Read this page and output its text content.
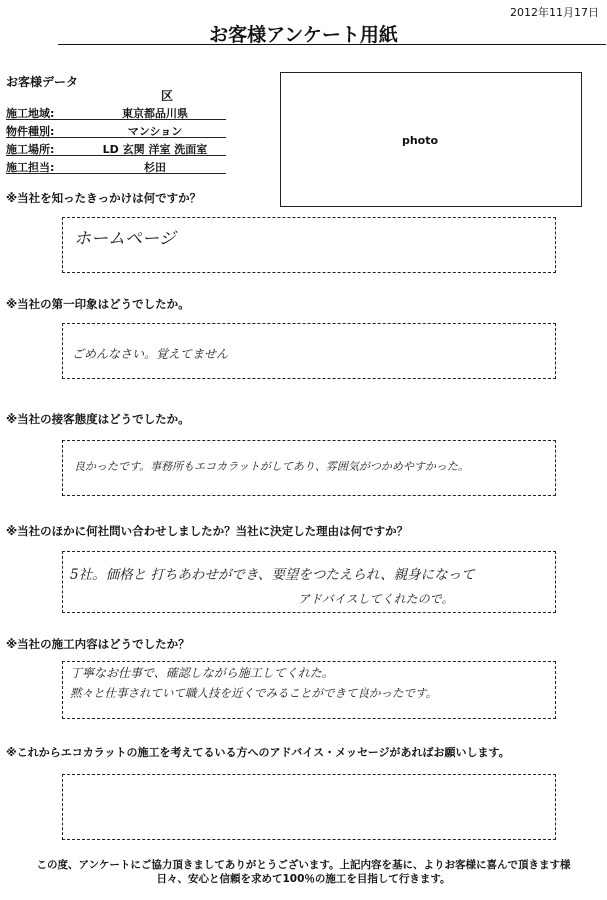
2012年11月17日
お客様アンケート用紙
お客様データ
区
施工地域:	東京都品川県
物件種別:	マンション
施工場所:	LD 玄関 洋室 洗面室
施工担当:	杉田
photo
※当社を知ったきっかけは何ですか？
ホームページ
※当社の第一印象はどうでしたか。
ごめんなさい。覚えてません
※当社の接客態度はどうでしたか。
良かったです。事務所もエコカラットがしてあり、雰囲気がつかめやすかった。
※当社のほかに何社問い合わせしましたか？当社に決定した理由は何ですか？
5社。価格と 打ちあわせができ、要望をつたえられ、親身になって
アドバイスしてくれたので。
※当社の施工内容はどうでしたか？
丁寧なお仕事で、確認しながら施工してくれた。
黙々と仕事されていて職人技を近くでみることができて良かったです。
※これからエコカラットの施工を考えてるいる方へのアドバイス・メッセージがあればお願いします。
この度、アンケートにご協力頂きましてありがとうございます。上記内容を基に、よりお客様に喜んで頂きます様
日々、安心と信頼を求めて100％の施工を目指して行きます。
